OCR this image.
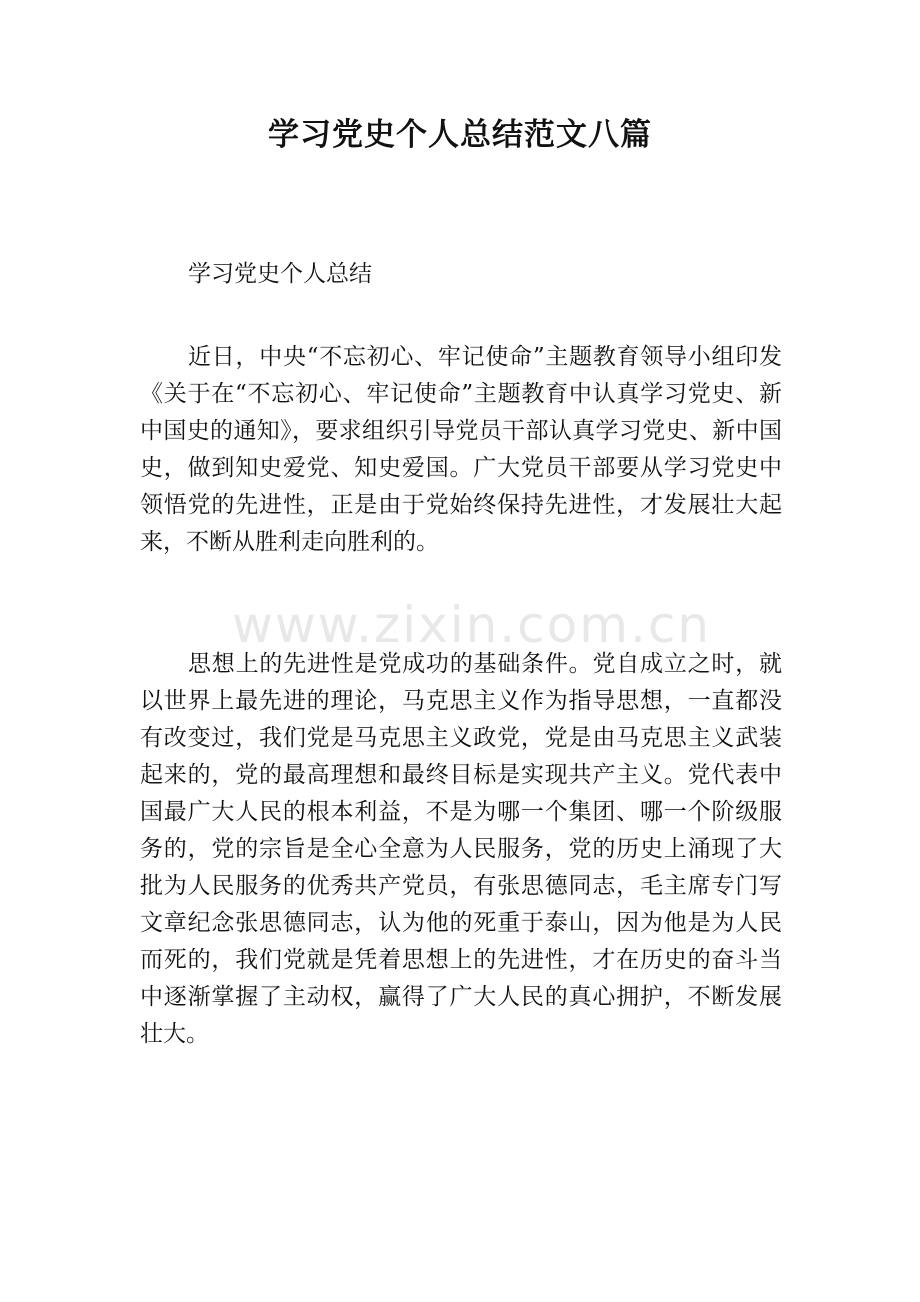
学习党史个人总结范文八篇

学习党史个人总结

近日，中央“不忘初心、牢记使命”主题教育领导小组印发《关于在“不忘初心、牢记使命”主题教育中认真学习党史、新中国史的通知》，要求组织引导党员干部认真学习党史、新中国史，做到知史爱党、知史爱国。广大党员干部要从学习党史中领悟党的先进性，正是由于党始终保持先进性，才发展壮大起来，不断从胜利走向胜利的。

www.zixin.com.cn

思想上的先进性是党成功的基础条件。党自成立之时，就以世界上最先进的理论，马克思主义作为指导思想，一直都没有改变过，我们党是马克思主义政党，党是由马克思主义武装起来的，党的最高理想和最终目标是实现共产主义。党代表中国最广大人民的根本利益，不是为哪一个集团、哪一个阶级服务的，党的宗旨是全心全意为人民服务，党的历史上涌现了大批为人民服务的优秀共产党员，有张思德同志，毛主席专门写文章纪念张思德同志，认为他的死重于泰山，因为他是为人民而死的，我们党就是凭着思想上的先进性，才在历史的奋斗当中逐渐掌握了主动权，赢得了广大人民的真心拥护，不断发展壮大。
